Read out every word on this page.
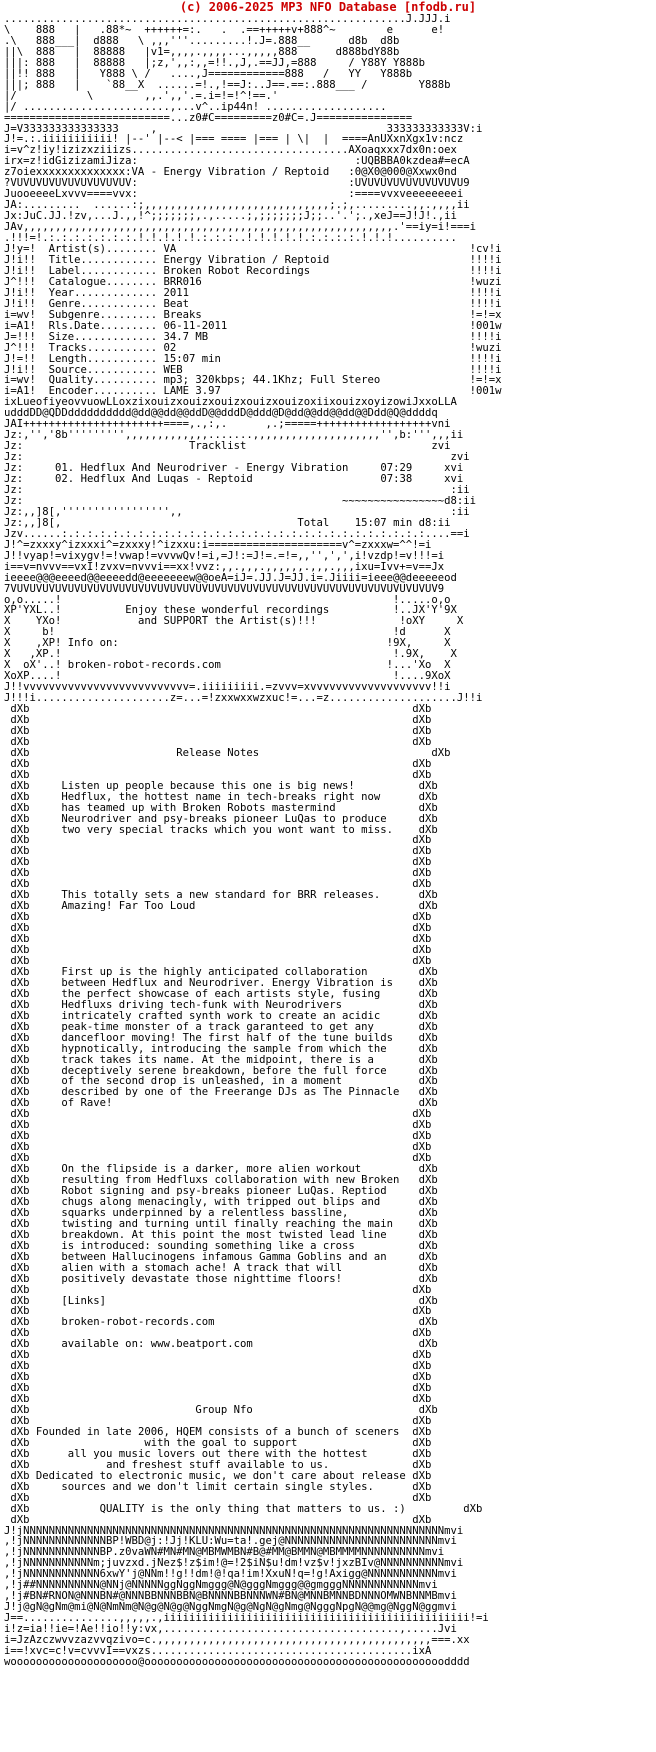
(c) 2006-2025 MP3 NFO Database [nfodb.ru]
...............................................................J.JJJ.i
\    888   |   .88*~  ++++++=:.   .  .==+++++v+888^~        e      e!
.\   888___|  d888   \ ,,,'''.........!.J=.888__      d8b  d8b
||\  888   |  88888   |v1=,,,,.,,,,...,,,,,888      d888bdY88b
|||: 888   |  88888   |;z,',,:,,=!!.,J,.==JJ,=888     / Y88Y Y888b
||!! 888   |   Y888 \ /   ....,J============888   /   YY   Y888b
|||; 888   |    `88__X  ......=!.,!==J:..J==.==:.888___ /        Y888b
|/           \        ,,.',,'.=.i=!=!^!==.'
|/ .......................,...v^..ip44n! ...................
==========================...z0#C=========z0#C=.J===============
J=V333333333333333     ,                                    333333333333V:i
J!=.:.iiiiiiiiiii! |--' |--< |=== ==== |=== | \|  |  ====AnUXxnXgx1v:ncz
i=v^z!iy!izizxziiizs..................................AXoaqxxx7dx0n:oex
irx=z!idGizizamiJiza:                                  :UQBBBA0kzdea#=ecA
z7oiexxxxxxxxxxxxxx:VA - Energy Vibration / Reptoid   :0@X0@000@Xxwx0nd
?VUVUVUVUVUVUVUVUVUV:                                 :UVUVUVUVUVUVUVUVU9
JuooeeeeLxvvv====vvx:                                 :====vvxveeeeeeeei
JA:.........  ......:;,,,,,,,,,,,,,,,,,,,,,,,,,,,,,;.;,.........,,.,,,,ii
Jx:JuC.JJ.!zv,...J.,,!^;;;;;;;,.,.....;,;;;;;;;J;;..'.';.,xeJ==J!J!.,ii
JAv,,,,,,,,,,,,,,,,,,,,,,,,,,,,,,,,,,,,,,,,,,,,,,,,,,,,,,,,,,.'==iy=i!===i
.!!!=!.:.:.:.:.:.:.:.!.!.!.!.!.:.:.:..!.!.!.!.!.:.:.:.:.!.!.!..........
J!y=!  Artist(s)........ VA	!cv!i
J!i!!  Title............ Energy Vibration / Reptoid	!!!!i
J!i!!  Label............ Broken Robot Recordings	!!!!i
J^!!!  Catalogue........ BRR016	!wuzi
J!i!!  Year............. 2011	!!!!i
J!i!!  Genre............ Beat	!!!!i
i=wv!  Subgenre......... Breaks	!=!=x
i=A1!  Rls.Date......... 06-11-2011	!001w
J=!!!  Size............. 34.7 MB	!!!!i
J^!!!  Tracks........... 02	!wuzi
J!=!!  Length........... 15:07 min	!!!!i
J!i!!  Source........... WEB	!!!!i
i=wv!  Quality.......... mp3; 320kbps; 44.1Khz; Full Stereo	!=!=x
i=A1!  Encoder.......... LAME 3.97	!001w
ixLueofiyeovvuowLLoxzixouizxouizxouizxouizxouizoxiixouizxoyizowiJxxoLLA
udddDD@QDDdddddddddd@dd@@dd@@ddD@@dddD@ddd@D@dd@@dd@@dd@@Ddd@Q@ddddq
JAI++++++++++++++++++++++====,.,:,.      ,.;=====++++++++++++++++++vni
Jz:,'','8b''''''''',,,,,,,,,,,,,.......,,,,,,,,,,,,,,,,,,,,'',b:''',,,ii
Jz:	Tracklist	zvi
Jz:                                                                   zvi
Jz:	01. Hedflux And Neurodriver - Energy Vibration	07:29	xvi
Jz:	02. Hedflux And Luqas - Reptoid	07:38	xvi
Jz:                                                                   :ii
Jz:                                                  ~~~~~~~~~~~~~~~~d8:ii
Jz:,,]8[,''''''''''''''''',,                                          :ii
Jz:,,]8[,	Total 15:07 min d8:ii
Jzv......:.:.:.:.:.:.:.:.:.:.:.:.:.:.:.:.:.:.:.:.:.:.:.:.:.:.:.:.:....==i
J!^=zxxxy^izxxxi^=zxxxy!^izxxu:i=====================v^=zxxxw=^^!=i
J!!vyap!=vixygv!=!vwap!=vvvwQv!=i,=J!:=J!=.=!=,,'',',',i!vzdp!=v!!!=i
i==v=nvvv==vxI!zvxv=nvvvi==xx!vvz:,,.,,,.,,,,,,.,,,.,,,ixu=Ivv+=v==Jx
ieeee@@@eeeed@@eeeedd@eeeeeeew@@oeA=iJ=.JJ.J=JJ.i=.Jiiii=ieee@@deeeeeod
7VUVUVUVUVUVUVUVUVUVUVUVUVUVUVUVUVUVUVUVUVUVUVUVUVUVUVUVUVUVUVUVUVUV9
o,o.....!                                                    !.....o,o
XP'YXL..!	Enjoy these wonderful recordings	!..JX'Y'9X
X    YXo!	and SUPPORT the Artist(s)!!!	!oXY     X
X     b!                                                     !d      X
X    ,XP! Info on:	!9X,     X
X   ,XP.!                                                    !.9X,    X
X  oX'..! broken-robot-records.com	!...'Xo  X
XoXP....!                                                    !....9XoX
J!!vvvvvvvvvvvvvvvvvvvvvvvvvv=.iiiiiiiii.=zvvv=xvvvvvvvvvvvvvvvvvvv!!i
J!!!i.....................z=...=!zxxwxxwzxuc!=...=z....................J!!i
dXb                                                            dXb
dXb                                                            dXb
dXb                                                            dXb
dXb                                                            dXb
dXb	Release Notes	dXb
dXb                                                            dXb
dXb                                                            dXb
dXb	Listen up people because this one is big news!	dXb
dXb	Hedflux, the hottest name in tech-breaks right now	dXb
dXb	has teamed up with Broken Robots mastermind	dXb
dXb	Neurodriver and psy-breaks pioneer LuQas to produce	dXb
dXb	two very special tracks which you wont want to miss.    dXb
dXb                                                            dXb
dXb                                                            dXb
dXb                                                            dXb
dXb                                                            dXb
dXb                                                            dXb
dXb	This totally sets a new standard for BRR releases.	dXb
dXb	Amazing! Far Too Loud	dXb
dXb                                                            dXb
dXb                                                            dXb
dXb                                                            dXb
dXb                                                            dXb
dXb                                                            dXb
dXb	First up is the highly anticipated collaboration	dXb
dXb	between Hedflux and Neurodriver. Energy Vibration is    dXb
dXb	the perfect showcase of each artists style, fusing	dXb
dXb	Hedfluxs driving tech-funk with Neurodrivers	dXb
dXb	intricately crafted synth work to create an acidic	dXb
dXb	peak-time monster of a track garanteed to get any	dXb
dXb	dancefloor moving! The first half of the tune builds    dXb
dXb	hypnotically, introducing the sample from which the	dXb
dXb	track takes its name. At the midpoint, there is a	dXb
dXb	deceptively serene breakdown, before the full force	dXb
dXb	of the second drop is unleashed, in a moment	dXb
dXb	described by one of the Freerange DJs as The Pinnacle   dXb
dXb	of Rave!	dXb
dXb                                                            dXb
dXb                                                            dXb
dXb                                                            dXb
dXb                                                            dXb
dXb                                                            dXb
dXb	On the flipside is a darker, more alien workout	dXb
dXb	resulting from Hedfluxs collaboration with new Broken   dXb
dXb	Robot signing and psy-breaks pioneer LuQas. Reptiod	dXb
dXb	chugs along menacingly, with tripped out blips and	dXb
dXb	squarks underpinned by a relentless bassline,	dXb
dXb	twisting and turning until finally reaching the main    dXb
dXb	breakdown. At this point the most twisted lead line	dXb
dXb	is introduced: sounding something like a cross	dXb
dXb	between Hallucinogens infamous Gamma Goblins and an	dXb
dXb	alien with a stomach ache! A track that will	dXb
dXb	positively devastate those nighttime floors!	dXb
dXb                                                            dXb
dXb	[Links]	dXb
dXb                                                            dXb
dXb	broken-robot-records.com	dXb
dXb                                                            dXb
dXb	available on: www.beatport.com	dXb
dXb                                                            dXb
dXb                                                            dXb
dXb                                                            dXb
dXb                                                            dXb
dXb                                                            dXb
dXb	Group Nfo	dXb
dXb                                                            dXb
dXb Founded in late 2006, HQEM consists of a bunch of sceners  dXb
dXb	with the goal to support	dXb
dXb	all you music lovers out there with the hottest	dXb
dXb	and freshest stuff available to us.	dXb
dXb Dedicated to electronic music, we don't care about release dXb
dXb	sources and we don't limit certain single styles.	dXb
dXb                                                            dXb
dXb	QUALITY is the only thing that matters to us. :)	dXb
dXb                                                            dXb
J!jNNNNNNNNNNNNNNNNNNNNNNNNNNNNNNNNNNNNNNNNNNNNNNNNNNNNNNNNNNNNNNNNNNmvi
,!jNNNNNNNNNNNNNBP!WBD@j:!Jj!KLU:Wu=ta!.gej@NNNNNNNNNNNNNNNNNNNNNNNNmvi
,!jNNNNNNNNNNNNBP.z0vaWN#MN#MN@MBMWMBN#B@#MM@BMMN@MBMMMMNNNNNNNNNNmvi
,!jNNNNNNNNNNNm;juvzxd.jNez$!z$im!@=!2$iN$u!dm!vz$v!jxzBIv@NNNNNNNNNNmvi
,!jNNNNNNNNNNNN6xwY'j@NNm!!g!!dm!@!qa!im!XxuN!q=!g!Axigg@NNNNNNNNNNNmvi
,!j##NNNNNNNNNN@NNj@NNNNNggNggNmggg@N@gggNmggg@@gmgggNNNNNNNNNNNNmvi
,!j#BN#RNON@NNNBN#@NNNBBNNNBBN@BNNNNBBNNNWN#BN@MNNBMNNBDNNNOMWNBNNMBmvi
J!j@gN@gNm@mi@N@NmNm@N@g@N@g@NggNmgN@g@NgN@gNmg@NgggNpgN@@mg@NggN@ggmvi
J==...............,,,,,.,iiiiiiiiiiiiiiiiiiiiiiiiiiiiiiiiiiiiiiiiiiiiiiii!=i
i!z=ia!!ie=!Ae!!io!!y:vx,.....................................,.....Jvi
i=JzAzczwvvzazvvqzivo=c.,,,,,,,,,,,,,,,,,,,,,,,,,,,,,,,,,,,,,,,,,,,===.xx
i==!xvc=c!v=cvvvI==vxzs.........................................ixA
woooooooooooooooooooo@ooooooooooooooooooooooooooooooooooooooooooooooodddd
